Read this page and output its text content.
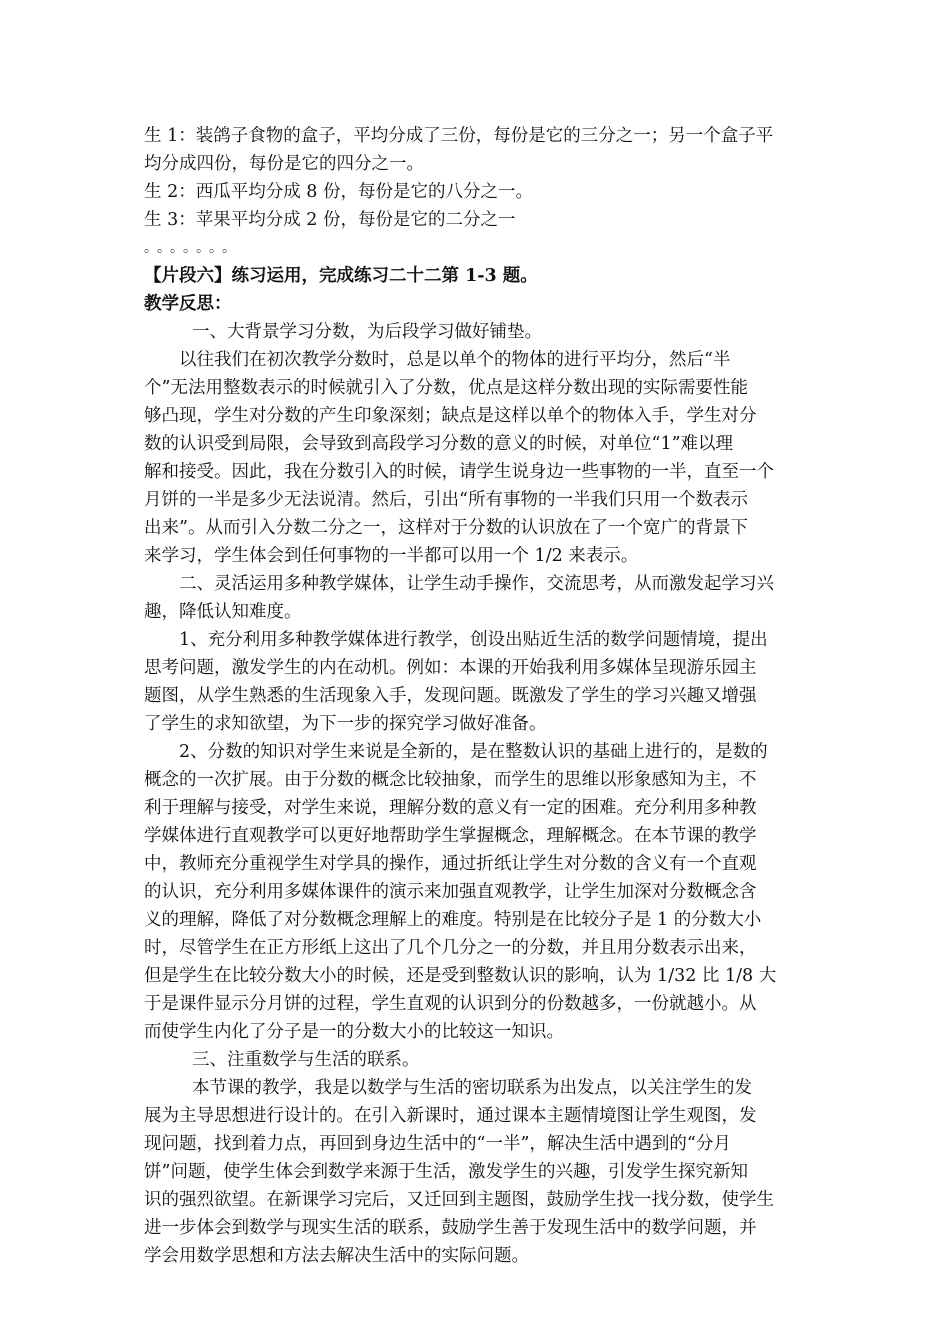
生 1：装鸽子食物的盒子，平均分成了三份，每份是它的三分之一；另一个盒子平
均分成四份，每份是它的四分之一。
生 2：西瓜平均分成 8 份，每份是它的八分之一。
生 3：苹果平均分成 2 份，每份是它的二分之一
。。。。。。。
【片段六】练习运用，完成练习二十二第 1-3 题。
教学反思：
一、大背景学习分数，为后段学习做好铺垫。
以往我们在初次教学分数时，总是以单个的物体的进行平均分，然后“半
个”无法用整数表示的时候就引入了分数，优点是这样分数出现的实际需要性能
够凸现，学生对分数的产生印象深刻；缺点是这样以单个的物体入手，学生对分
数的认识受到局限，会导致到高段学习分数的意义的时候，对单位“1”难以理
解和接受。因此，我在分数引入的时候，请学生说身边一些事物的一半，直至一个
月饼的一半是多少无法说清。然后，引出“所有事物的一半我们只用一个数表示
出来”。从而引入分数二分之一，这样对于分数的认识放在了一个宽广的背景下
来学习，学生体会到任何事物的一半都可以用一个 1/2 来表示。
二、灵活运用多种教学媒体，让学生动手操作，交流思考，从而激发起学习兴
趣，降低认知难度。
1、充分利用多种教学媒体进行教学，创设出贴近生活的数学问题情境，提出
思考问题，激发学生的内在动机。例如：本课的开始我利用多媒体呈现游乐园主
题图，从学生熟悉的生活现象入手，发现问题。既激发了学生的学习兴趣又增强
了学生的求知欲望，为下一步的探究学习做好准备。
2、分数的知识对学生来说是全新的，是在整数认识的基础上进行的，是数的
概念的一次扩展。由于分数的概念比较抽象，而学生的思维以形象感知为主，不
利于理解与接受，对学生来说，理解分数的意义有一定的困难。充分利用多种教
学媒体进行直观教学可以更好地帮助学生掌握概念，理解概念。在本节课的教学
中，教师充分重视学生对学具的操作，通过折纸让学生对分数的含义有一个直观
的认识，充分利用多媒体课件的演示来加强直观教学，让学生加深对分数概念含
义的理解，降低了对分数概念理解上的难度。特别是在比较分子是 1 的分数大小
时，尽管学生在正方形纸上这出了几个几分之一的分数，并且用分数表示出来，
但是学生在比较分数大小的时候，还是受到整数认识的影响，认为 1/32 比 1/8 大
于是课件显示分月饼的过程，学生直观的认识到分的份数越多，一份就越小。从
而使学生内化了分子是一的分数大小的比较这一知识。
三、注重数学与生活的联系。
本节课的教学，我是以数学与生活的密切联系为出发点，以关注学生的发
展为主导思想进行设计的。在引入新课时，通过课本主题情境图让学生观图，发
现问题，找到着力点，再回到身边生活中的“一半”，解决生活中遇到的“分月
饼”问题，使学生体会到数学来源于生活，激发学生的兴趣，引发学生探究新知
识的强烈欲望。在新课学习完后，又迁回到主题图，鼓励学生找一找分数，使学生
进一步体会到数学与现实生活的联系，鼓励学生善于发现生活中的数学问题，并
学会用数学思想和方法去解决生活中的实际问题。
